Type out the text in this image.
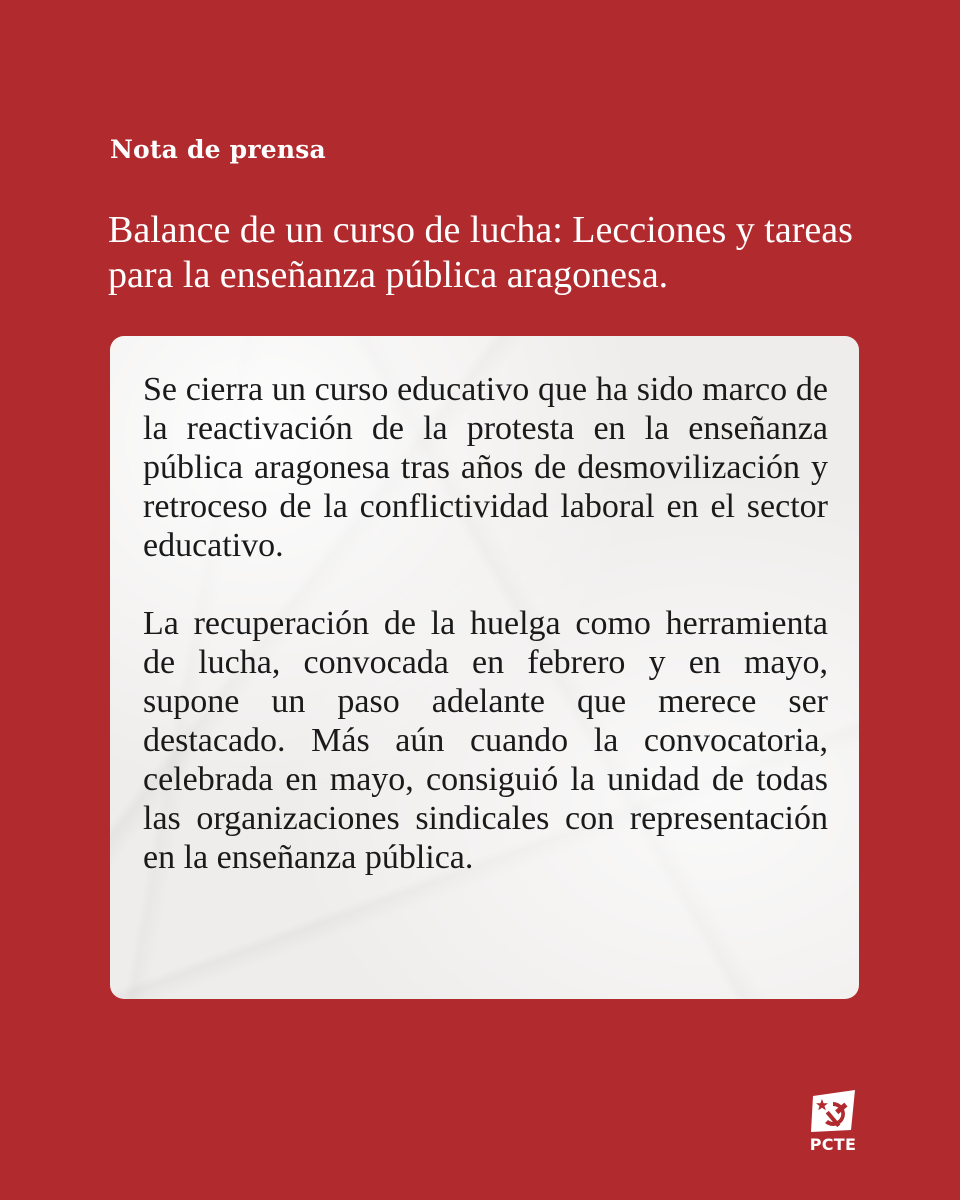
Nota de prensa
Balance de un curso de lucha: Lecciones y tareas para la enseñanza pública aragonesa.

Se cierra un curso educativo que ha sido marco de la reactivación de la protesta en la enseñanza pública aragonesa tras años de desmovilización y retroceso de la conflictividad laboral en el sector educativo.

La recuperación de la huelga como herramienta de lucha, convocada en febrero y en mayo, supone un paso adelante que merece ser destacado. Más aún cuando la convocatoria, celebrada en mayo, consiguió la unidad de todas las organizaciones sindicales con representación en la enseñanza pública.

PCTE
